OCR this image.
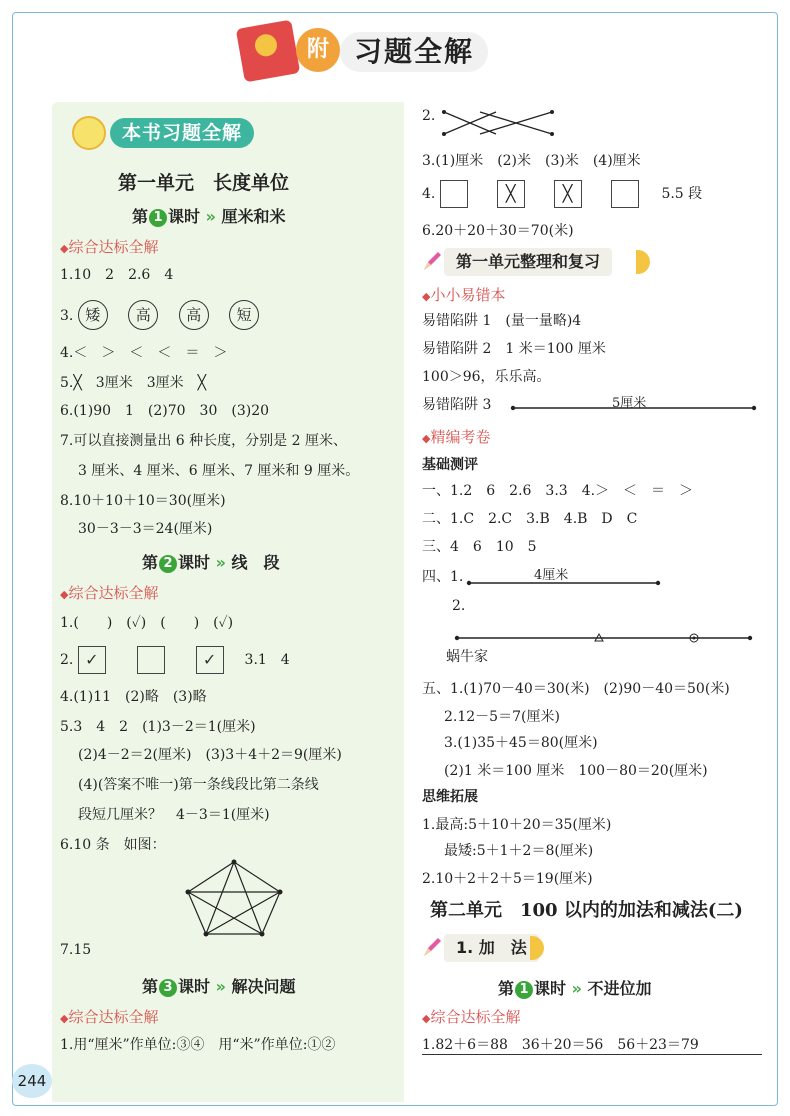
附 习题全解
本书习题全解
第一单元　长度单位
第 1 课时 » 厘米和米
◆综合达标全解
1.10　2　2.6　4
3. 矮 高 高 短
4.＜　＞　＜　＜　＝　＞
5.╳　3厘米　3厘米　╳
6.(1)90　1　(2)70　30　(3)20
7.可以直接测量出 6 种长度，分别是 2 厘米、
3 厘米、4 厘米、6 厘米、7 厘米和 9 厘米。
8.10＋10＋10＝30(厘米)
30－3－3＝24(厘米)
第 2 课时 » 线　段
◆综合达标全解
1.(　　)　(✓)　(　　)　(✓)
2. ✓	✓ 3.1　4
4.(1)11　(2)略　(3)略
5.3　4　2　(1)3－2＝1(厘米)
(2)4－2＝2(厘米)　(3)3＋4＋2＝9(厘米)
(4)(答案不唯一)第一条线段比第二条线
段短几厘米？　4－3＝1(厘米)
6.10 条　如图：
7.15
第 3 课时 » 解决问题
◆综合达标全解
1.用“厘米”作单位:③④　用“米”作单位:①②
2.
3.(1)厘米　(2)米　(3)米　(4)厘米
4.	╳	╳	5.5 段
6.20＋20＋30＝70(米)
第一单元整理和复习
◆小小易错本
易错陷阱 1　(量一量略)4
易错陷阱 2　1 米＝100 厘米
100＞96，乐乐高。
易错陷阱 3	5厘米
◆精编考卷
基础测评
一、1.2　6　2.6　3.3　4.＞　＜　＝　＞
二、1.C　2.C　3.B　4.B　D　C
三、4　6　10　5
四、1.	4厘米
2.
蜗牛家
五、1.(1)70－40＝30(米)　(2)90－40＝50(米)
2.12－5＝7(厘米)
3.(1)35＋45＝80(厘米)
(2)1 米＝100 厘米　100－80＝20(厘米)
思维拓展
1.最高:5＋10＋20＝35(厘米)
最矮:5＋1＋2＝8(厘米)
2.10＋2＋2＋5＝19(厘米)
第二单元　100 以内的加法和减法(二)
1. 加　法
第 1 课时 » 不进位加
◆综合达标全解
1.82＋6＝88　36＋20＝56　56＋23＝79
244
